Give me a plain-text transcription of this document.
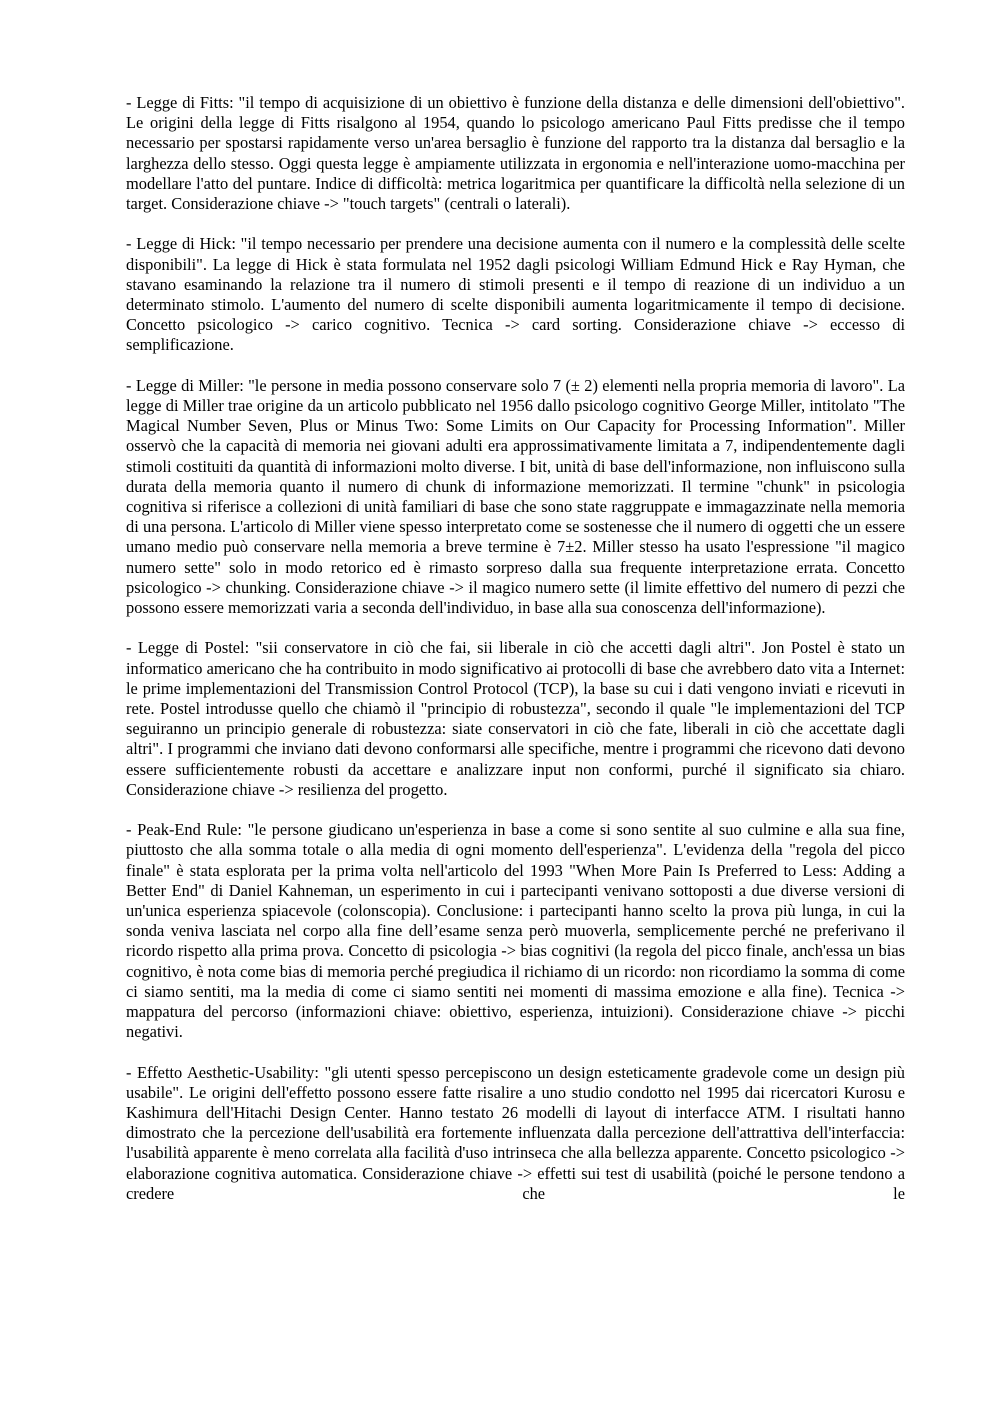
- Legge di Fitts: "il tempo di acquisizione di un obiettivo è funzione della distanza e delle dimensioni dell'obiettivo". Le origini della legge di Fitts risalgono al 1954, quando lo psicologo americano Paul Fitts predisse che il tempo necessario per spostarsi rapidamente verso un'area bersaglio è funzione del rapporto tra la distanza dal bersaglio e la larghezza dello stesso. Oggi questa legge è ampiamente utilizzata in ergonomia e nell'interazione uomo-macchina per modellare l'atto del puntare. Indice di difficoltà: metrica logaritmica per quantificare la difficoltà nella selezione di un target. Considerazione chiave -> "touch targets" (centrali o laterali).

- Legge di Hick: "il tempo necessario per prendere una decisione aumenta con il numero e la complessità delle scelte disponibili". La legge di Hick è stata formulata nel 1952 dagli psicologi William Edmund Hick e Ray Hyman, che stavano esaminando la relazione tra il numero di stimoli presenti e il tempo di reazione di un individuo a un determinato stimolo. L'aumento del numero di scelte disponibili aumenta logaritmicamente il tempo di decisione. Concetto psicologico -> carico cognitivo. Tecnica -> card sorting. Considerazione chiave -> eccesso di semplificazione.

- Legge di Miller: "le persone in media possono conservare solo 7 (± 2) elementi nella propria memoria di lavoro". La legge di Miller trae origine da un articolo pubblicato nel 1956 dallo psicologo cognitivo George Miller, intitolato "The Magical Number Seven, Plus or Minus Two: Some Limits on Our Capacity for Processing Information". Miller osservò che la capacità di memoria nei giovani adulti era approssimativamente limitata a 7, indipendentemente dagli stimoli costituiti da quantità di informazioni molto diverse. I bit, unità di base dell'informazione, non influiscono sulla durata della memoria quanto il numero di chunk di informazione memorizzati. Il termine "chunk" in psicologia cognitiva si riferisce a collezioni di unità familiari di base che sono state raggruppate e immagazzinate nella memoria di una persona. L'articolo di Miller viene spesso interpretato come se sostenesse che il numero di oggetti che un essere umano medio può conservare nella memoria a breve termine è 7±2. Miller stesso ha usato l'espressione "il magico numero sette" solo in modo retorico ed è rimasto sorpreso dalla sua frequente interpretazione errata. Concetto psicologico -> chunking. Considerazione chiave -> il magico numero sette (il limite effettivo del numero di pezzi che possono essere memorizzati varia a seconda dell'individuo, in base alla sua conoscenza dell'informazione).

- Legge di Postel: "sii conservatore in ciò che fai, sii liberale in ciò che accetti dagli altri". Jon Postel è stato un informatico americano che ha contribuito in modo significativo ai protocolli di base che avrebbero dato vita a Internet: le prime implementazioni del Transmission Control Protocol (TCP), la base su cui i dati vengono inviati e ricevuti in rete. Postel introdusse quello che chiamò il "principio di robustezza", secondo il quale "le implementazioni del TCP seguiranno un principio generale di robustezza: siate conservatori in ciò che fate, liberali in ciò che accettate dagli altri". I programmi che inviano dati devono conformarsi alle specifiche, mentre i programmi che ricevono dati devono essere sufficientemente robusti da accettare e analizzare input non conformi, purché il significato sia chiaro. Considerazione chiave -> resilienza del progetto.

- Peak-End Rule: "le persone giudicano un'esperienza in base a come si sono sentite al suo culmine e alla sua fine, piuttosto che alla somma totale o alla media di ogni momento dell'esperienza". L'evidenza della "regola del picco finale" è stata esplorata per la prima volta nell'articolo del 1993 "When More Pain Is Preferred to Less: Adding a Better End" di Daniel Kahneman, un esperimento in cui i partecipanti venivano sottoposti a due diverse versioni di un'unica esperienza spiacevole (colonscopia). Conclusione: i partecipanti hanno scelto la prova più lunga, in cui la sonda veniva lasciata nel corpo alla fine dell’esame senza però muoverla, semplicemente perché ne preferivano il ricordo rispetto alla prima prova. Concetto di psicologia -> bias cognitivi (la regola del picco finale, anch'essa un bias cognitivo, è nota come bias di memoria perché pregiudica il richiamo di un ricordo: non ricordiamo la somma di come ci siamo sentiti, ma la media di come ci siamo sentiti nei momenti di massima emozione e alla fine). Tecnica -> mappatura del percorso (informazioni chiave: obiettivo, esperienza, intuizioni). Considerazione chiave -> picchi negativi.

- Effetto Aesthetic-Usability: "gli utenti spesso percepiscono un design esteticamente gradevole come un design più usabile". Le origini dell'effetto possono essere fatte risalire a uno studio condotto nel 1995 dai ricercatori Kurosu e Kashimura dell'Hitachi Design Center. Hanno testato 26 modelli di layout di interfacce ATM. I risultati hanno dimostrato che la percezione dell'usabilità era fortemente influenzata dalla percezione dell'attrattiva dell'interfaccia: l'usabilità apparente è meno correlata alla facilità d'uso intrinseca che alla bellezza apparente. Concetto psicologico -> elaborazione cognitiva automatica. Considerazione chiave -> effetti sui test di usabilità (poiché le persone tendono a credere che le
